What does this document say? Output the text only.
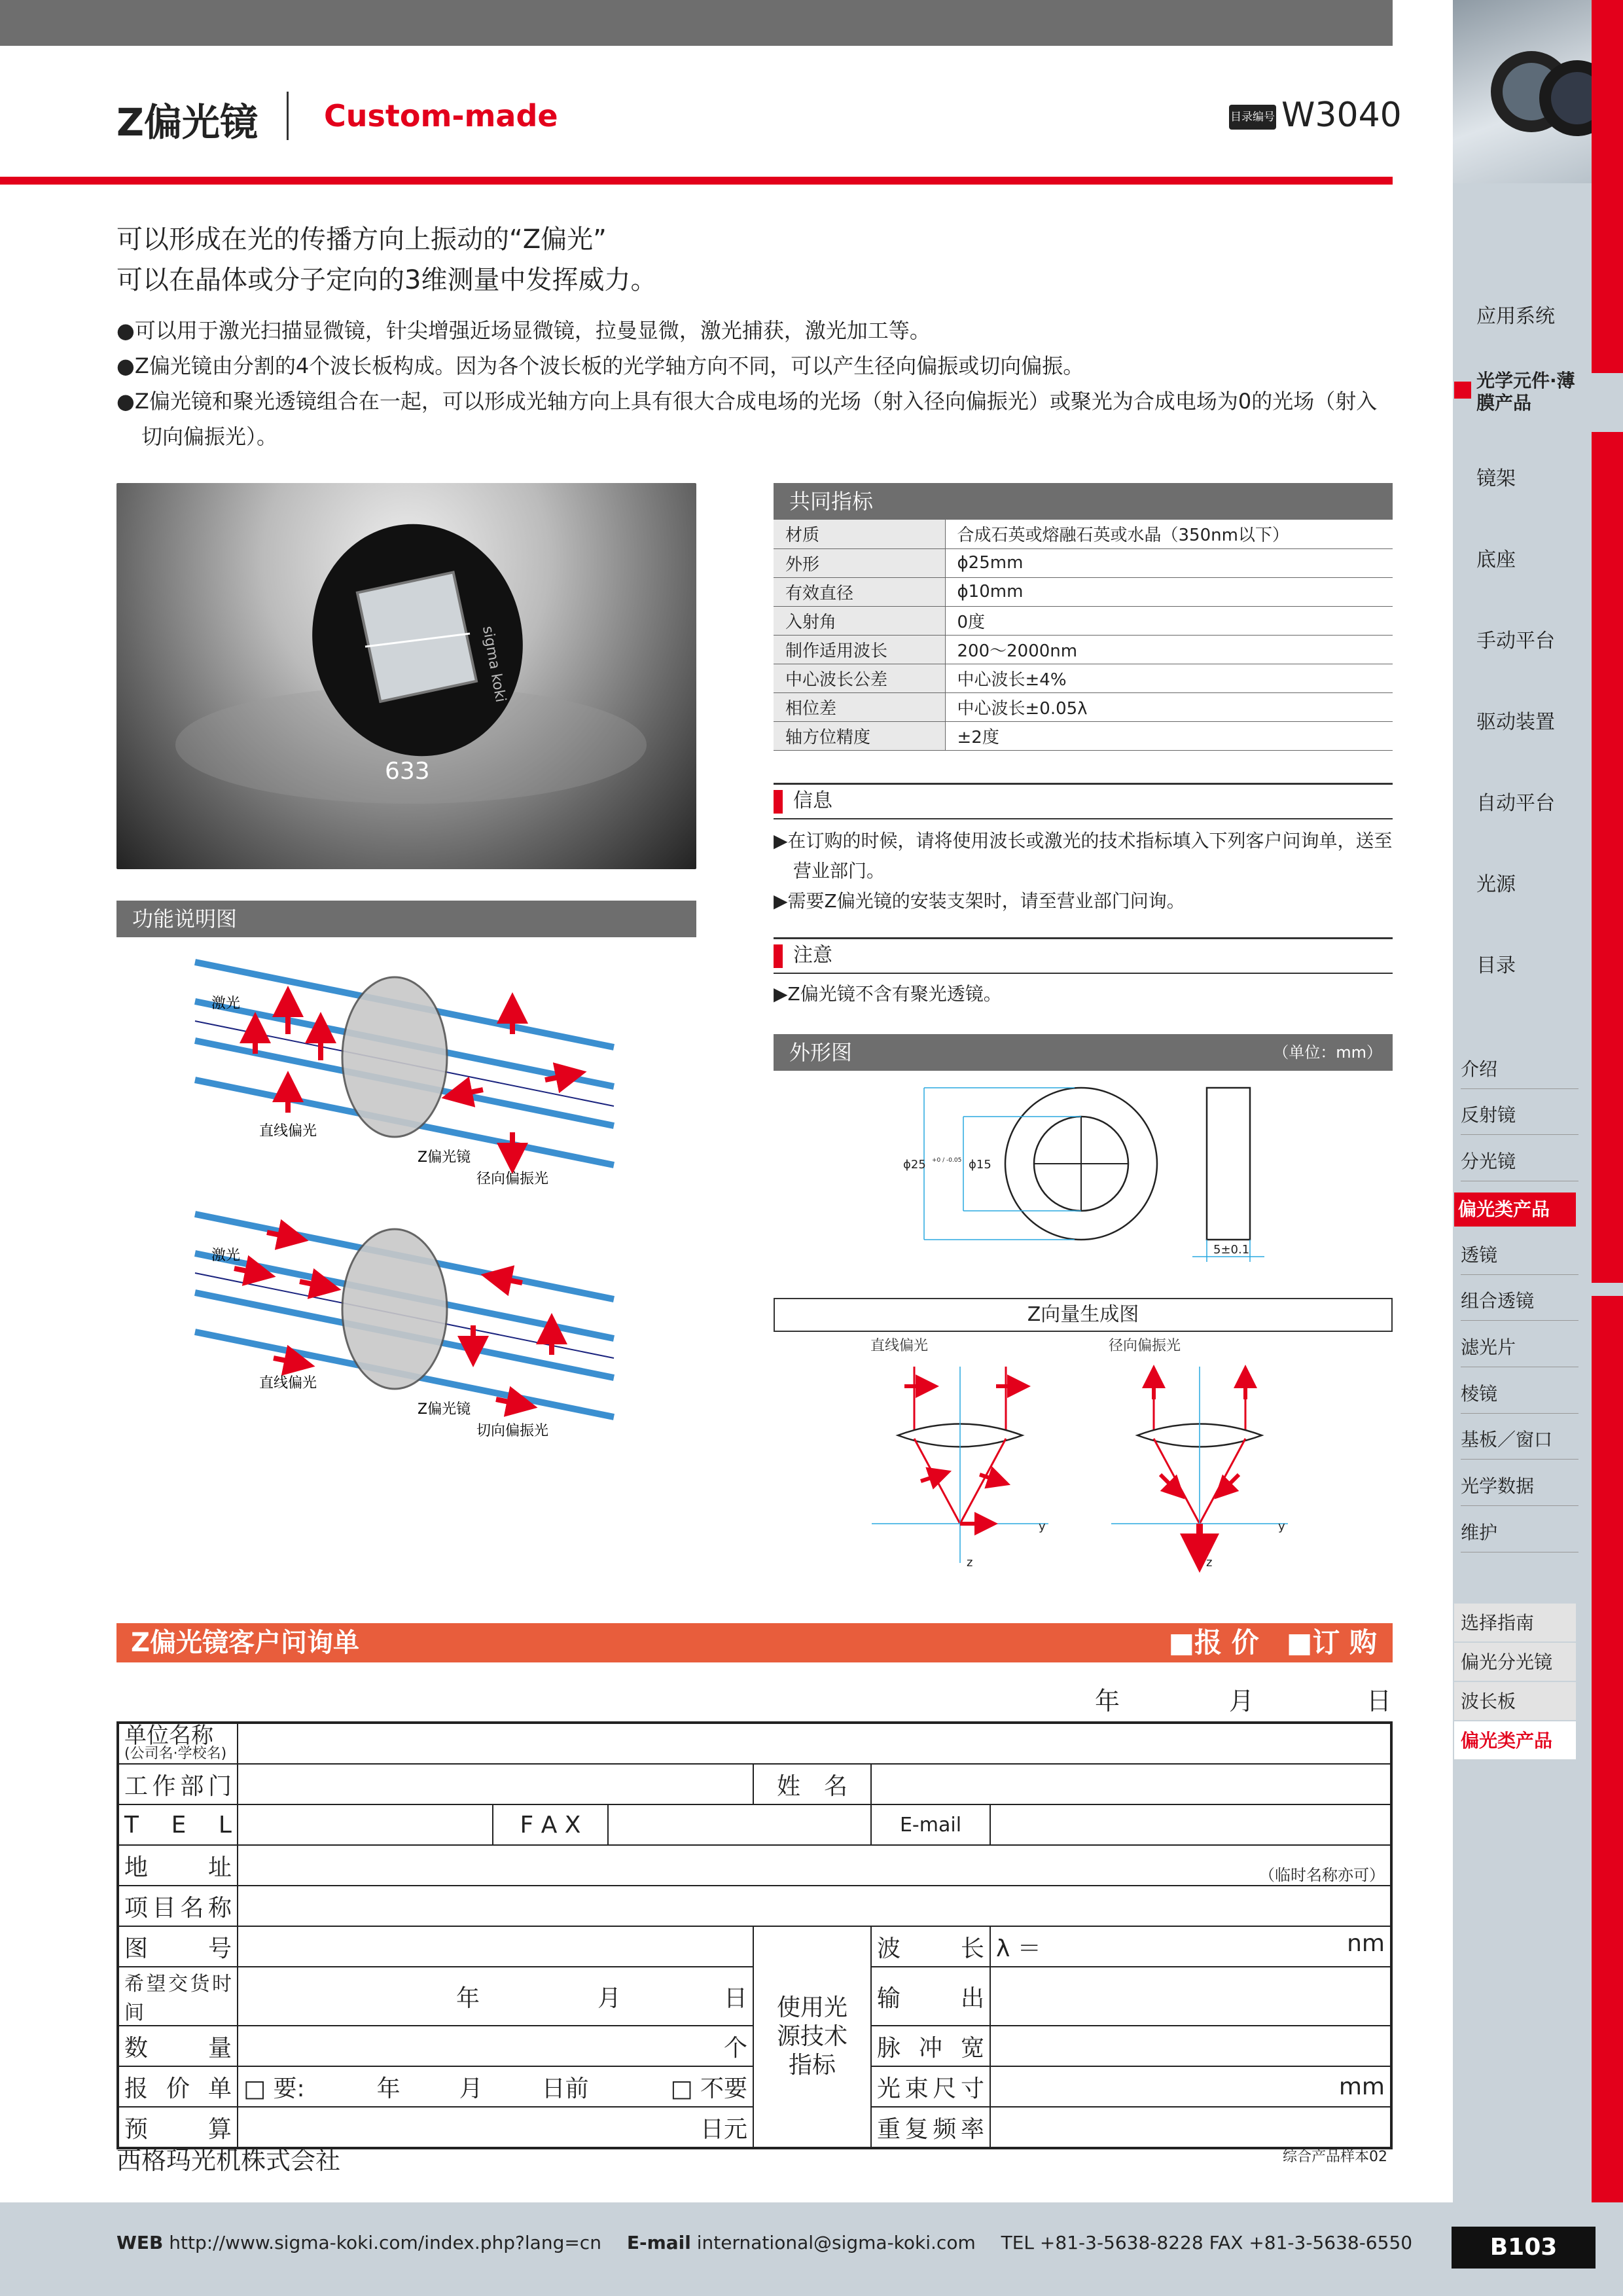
Z偏光镜 Custom-made	目录编号 W3040
可以形成在光的传播方向上振动的“Z偏光”
可以在晶体或分子定向的3维测量中发挥威力。
●可以用于激光扫描显微镜，针尖增强近场显微镜，拉曼显微，激光捕获，激光加工等。
●Z偏光镜由分割的4个波长板构成。因为各个波长板的光学轴方向不同，可以产生径向偏振或切向偏振。
●Z偏光镜和聚光透镜组合在一起，可以形成光轴方向上具有很大合成电场的光场（射入径向偏振光）或聚光为合成电场为0的光场（射入切向偏振光）。
633
sigma koki
共同指标
材质	合成石英或熔融石英或水晶（350nm以下）
外形	ϕ25mm
有效直径	ϕ10mm
入射角	0度
制作适用波长	200～2000nm
中心波长公差	中心波长±4%
相位差	中心波长±0.05λ
轴方位精度	±2度
信息
▶在订购的时候，请将使用波长或激光的技术指标填入下列客户问询单，送至营业部门。
▶需要Z偏光镜的安装支架时，请至营业部门问询。
注意
▶Z偏光镜不含有聚光透镜。
功能说明图
激光
直线偏光
Z偏光镜
径向偏振光
激光
直线偏光
Z偏光镜
切向偏振光
外形图	（单位：mm）
ϕ25 +0 / -0.05 ϕ15
5±0.1
Z向量生成图
直线偏光	径向偏振光
y
z
y
z
Z偏光镜客户问询单	■报 价　■订 购
年	月	日
单位名称
(公司名·学校名)						

工作部门				姓　名		
T E L		F A X			E-mail	
地　　址	（临时名称亦可）					
项目名称						
图　　号				使用光源技术指标	波　　长	λ ＝ nm

希望交货时间	年 月 日				输　　出	
数　　量	个				脉 冲 宽	
报 价 单	□ 要: 年 月 日前 □ 不要				光束尺寸	mm
预　　算	日元				重复频率	
西格玛光机株式会社	综合产品样本02
WEB http://www.sigma-koki.com/index.php?lang=cn E-mail international@sigma-koki.com TEL +81-3-5638-8228 FAX +81-3-5638-6550	B103
应用系统
光学元件·薄膜产品
镜架
底座
手动平台
驱动装置
自动平台
光源
目录
介绍
反射镜
分光镜
偏光类产品
透镜
组合透镜
滤光片
棱镜
基板／窗口
光学数据
维护
选择指南
偏光分光镜
波长板
偏光类产品
